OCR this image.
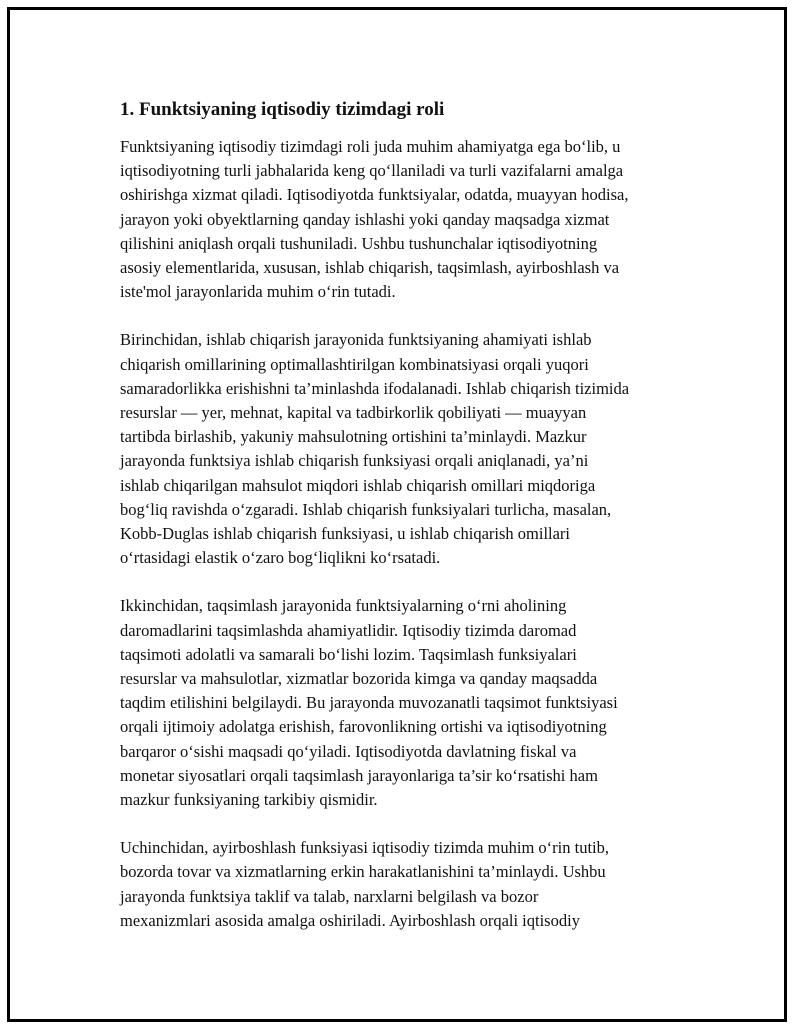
1. Funktsiyaning iqtisodiy tizimdagi roli

Funktsiyaning iqtisodiy tizimdagi roli juda muhim ahamiyatga ega bo‘lib, u
iqtisodiyotning turli jabhalarida keng qo‘llaniladi va turli vazifalarni amalga
oshirishga xizmat qiladi. Iqtisodiyotda funktsiyalar, odatda, muayyan hodisa,
jarayon yoki obyektlarning qanday ishlashi yoki qanday maqsadga xizmat
qilishini aniqlash orqali tushuniladi. Ushbu tushunchalar iqtisodiyotning
asosiy elementlarida, xususan, ishlab chiqarish, taqsimlash, ayirboshlash va
iste'mol jarayonlarida muhim o‘rin tutadi.

Birinchidan, ishlab chiqarish jarayonida funktsiyaning ahamiyati ishlab
chiqarish omillarining optimallashtirilgan kombinatsiyasi orqali yuqori
samaradorlikka erishishni ta’minlashda ifodalanadi. Ishlab chiqarish tizimida
resurslar — yer, mehnat, kapital va tadbirkorlik qobiliyati — muayyan
tartibda birlashib, yakuniy mahsulotning ortishini ta’minlaydi. Mazkur
jarayonda funktsiya ishlab chiqarish funksiyasi orqali aniqlanadi, ya’ni
ishlab chiqarilgan mahsulot miqdori ishlab chiqarish omillari miqdoriga
bog‘liq ravishda o‘zgaradi. Ishlab chiqarish funksiyalari turlicha, masalan,
Kobb-Duglas ishlab chiqarish funksiyasi, u ishlab chiqarish omillari
o‘rtasidagi elastik o‘zaro bog‘liqlikni ko‘rsatadi.

Ikkinchidan, taqsimlash jarayonida funktsiyalarning o‘rni aholining
daromadlarini taqsimlashda ahamiyatlidir. Iqtisodiy tizimda daromad
taqsimoti adolatli va samarali bo‘lishi lozim. Taqsimlash funksiyalari
resurslar va mahsulotlar, xizmatlar bozorida kimga va qanday maqsadda
taqdim etilishini belgilaydi. Bu jarayonda muvozanatli taqsimot funktsiyasi
orqali ijtimoiy adolatga erishish, farovonlikning ortishi va iqtisodiyotning
barqaror o‘sishi maqsadi qo‘yiladi. Iqtisodiyotda davlatning fiskal va
monetar siyosatlari orqali taqsimlash jarayonlariga ta’sir ko‘rsatishi ham
mazkur funksiyaning tarkibiy qismidir.

Uchinchidan, ayirboshlash funksiyasi iqtisodiy tizimda muhim o‘rin tutib,
bozorda tovar va xizmatlarning erkin harakatlanishini ta’minlaydi. Ushbu
jarayonda funktsiya taklif va talab, narxlarni belgilash va bozor
mexanizmlari asosida amalga oshiriladi. Ayirboshlash orqali iqtisodiy
